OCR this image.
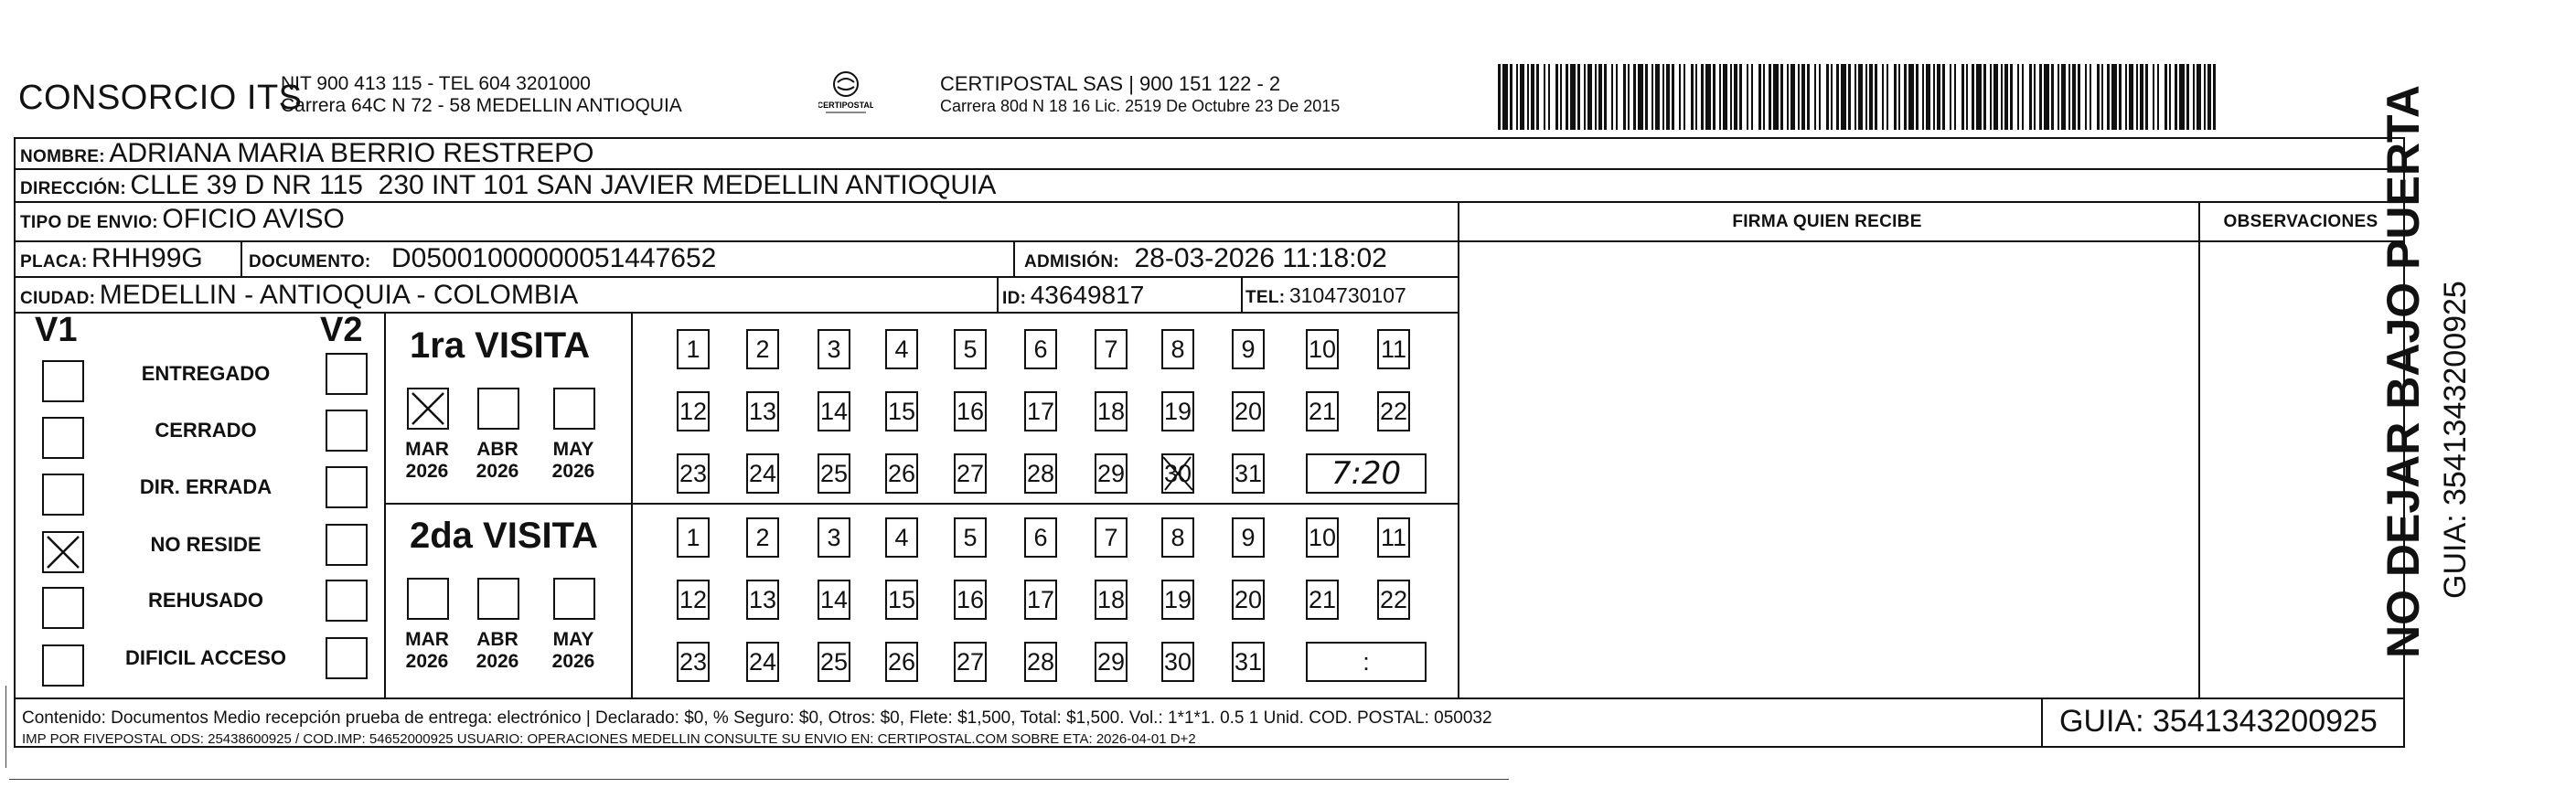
CONSORCIO ITS
NIT 900 413 115 - TEL 604 3201000
Carrera 64C N 72 - 58 MEDELLIN ANTIOQUIA	CERTIPOSTAL
CERTIPOSTAL SAS | 900 151 122 - 2
Carrera 80d N 18 16 Lic. 2519 De Octubre 23 De 2015
NOMBRE: ADRIANA MARIA BERRIO RESTREPO
DIRECCIÓN: CLLE 39 D NR 115  230 INT 101 SAN JAVIER MEDELLIN ANTIOQUIA
TIPO DE ENVIO: OFICIO AVISO	FIRMA QUIEN RECIBE	OBSERVACIONES
PLACA: RHH99G	DOCUMENTO: D05001000000051447652	ADMISIÓN: 28-03-2026 11:18:02
CIUDAD: MEDELLIN - ANTIOQUIA - COLOMBIA	ID: 43649817	TEL: 3104730107
V1	V2
ENTREGADO
CERRADO
DIR. ERRADA
NO RESIDE
REHUSADO
DIFICIL ACCESO
1ra VISITA
2da VISITA
MAR
2026
ABR
2026
MAY
2026
MAR
2026
ABR
2026
MAY
2026
1	2	3	4	5	6	7	8	9	10 11
12 13 14 15 16 17 18 19 20 21 22
23 24 25 26 27 28 29 30 31	7:20
1	2	3	4	5	6	7	8	9	10 11
12 13 14 15 16 17 18 19 20 21 22
23 24 25 26 27 28 29 30 31	:
Contenido: Documentos Medio recepción prueba de entrega: electrónico | Declarado: $0, % Seguro: $0, Otros: $0, Flete: $1,500, Total: $1,500. Vol.: 1*1*1. 0.5 1 Unid. COD. POSTAL: 050032
IMP POR FIVEPOSTAL ODS: 25438600925 / COD.IMP: 54652000925 USUARIO: OPERACIONES MEDELLIN CONSULTE SU ENVIO EN: CERTIPOSTAL.COM SOBRE ETA: 2026-04-01 D+2
GUIA: 3541343200925
NO DEJAR BAJO PUERTA GUIA: 3541343200925
